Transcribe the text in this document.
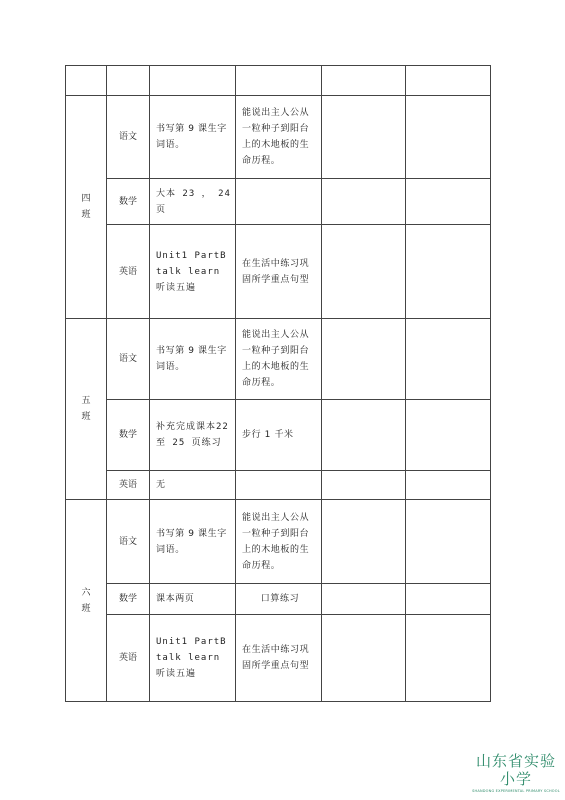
四班	语文	书写第 9 课生字词语。	能说出主人公从一粒种子到阳台上的木地板的生命历程。		
	数学	大本 23 ， 24页			
	英语	Unit1 PartB talk learn 听读五遍	在生活中练习巩固所学重点句型		
五班	语文	书写第 9 课生字词语。	能说出主人公从一粒种子到阳台上的木地板的生命历程。		
	数学	补充完成课本22 至 25 页练习	步行 1 千米		
	英语	无			
六班	语文	书写第 9 课生字词语。	能说出主人公从一粒种子到阳台上的木地板的生命历程。		
	数学	课本两页	口算练习		
	英语	Unit1 PartB talk learn 听读五遍	在生活中练习巩固所学重点句型		
山东省实验小学
SHANDONG EXPERIMENTAL PRIMARY SCHOOL
